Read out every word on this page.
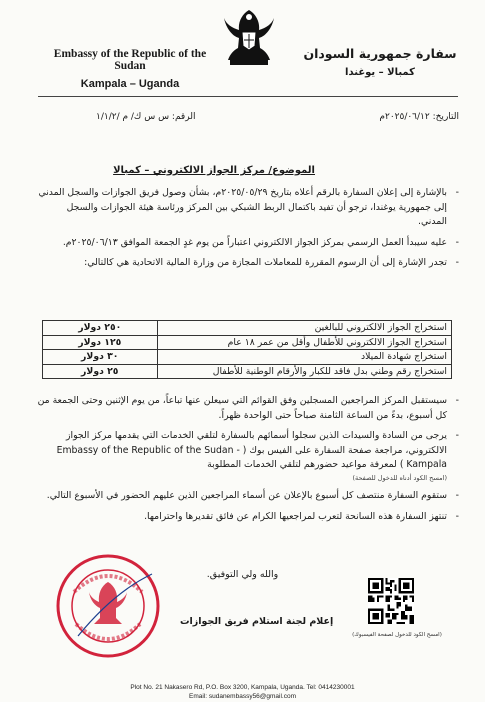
Embassy of the Republic of the Sudan
Kampala – Uganda
سفارة جمهورية السودان
كمبالا – يوغندا
التاريخ: ٢٠٢٥/٠٦/١٢م
الرقم: س س ك/ م /١/١/٢
الموضوع/ مركز الجواز الالكتروني – كمبالا
-
بالإشارة إلى إعلان السفارة بالرقم أعلاه بتاريخ ٢٠٢٥/٠٥/٢٩م، بشأن وصول فريق الجوازات والسجل المدني إلى جمهورية يوغندا، ترجو أن تفيد باكتمال الربط الشبكي بين المركز ورئاسة هيئة الجوازات والسجل المدني.
-
عليه سيبدأ العمل الرسمي بمركز الجواز الالكتروني اعتباراً من يوم غدٍ الجمعة الموافق ٢٠٢٥/٠٦/١٣م.
-
تجدر الإشارة إلى أن الرسوم المقررة للمعاملات المجازة من وزارة المالية الاتحادية هي كالتالي:
استخراج الجواز الالكتروني للبالغين	٢٥٠ دولار
استخراج الجواز الالكتروني للأطفال وأقل من عمر ١٨ عام	١٢٥ دولار
استخراج شهادة الميلاد	٣٠ دولار
استخراج رقم وطني بدل فاقد للكبار والأرقام الوطنية للأطفال	٢٥ دولار
-
سيستقبل المركز المراجعين المسجلين وفق القوائم التي سيعلن عنها تباعاً، من يوم الإثنين وحتى الجمعة من كل أسبوع، بدءً من الساعة الثامنة صباحاً حتى الواحدة ظهراً.
-
يرجى من السادة والسيدات الذين سجلوا أسمائهم بالسفارة لتلقي الخدمات التي يقدمها مركز الجواز الالكتروني، مراجعة صفحة السفارة على الفيس بوك ( Embassy of the Republic of the Sudan - Kampala ) لمعرفة مواعيد حضورهم لتلقي الخدمات المطلوبة
(امسح الكود أدناه للدخول للصفحة)
-
ستقوم السفارة منتصف كل أسبوع بالإعلان عن أسماء المراجعين الذين عليهم الحضور في الأسبوع التالي.
-
تنتهز السفارة هذه السانحة لتعرب لمراجعيها الكرام عن فائق تقديرها واحترامها.
والله ولي التوفيق.
إعلام لجنة استلام فريق الجوازات
(امسح الكود للدخول لصفحة الفيسبوك)
Plot No. 21 Nakasero Rd, P.O. Box 3200, Kampala, Uganda. Tel: 0414230001
Email: sudanembassy56@gmail.com
